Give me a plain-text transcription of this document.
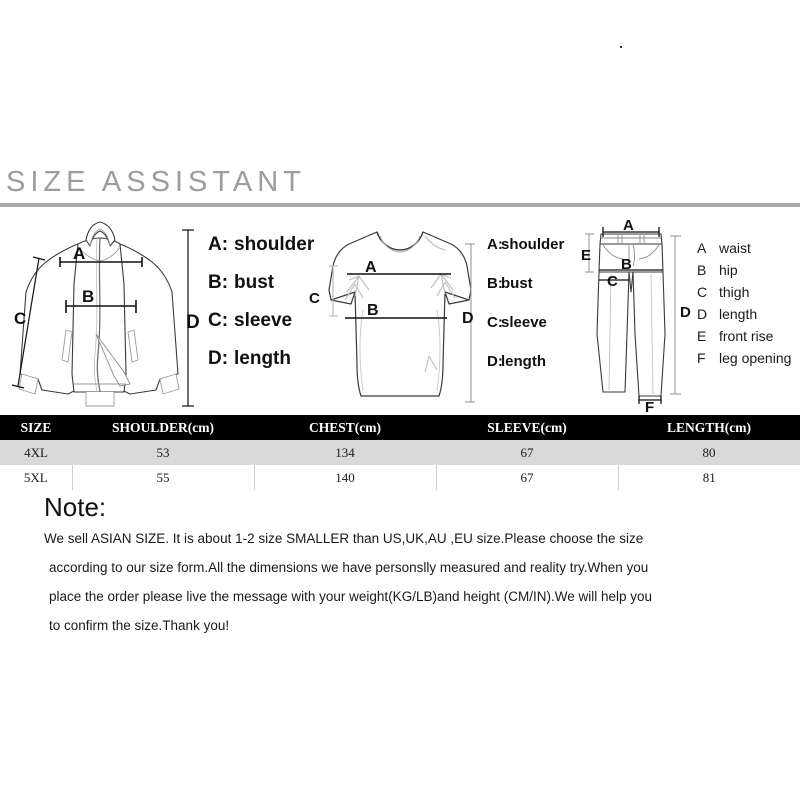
SIZE ASSISTANT
A
B
C	D
A
B
C
D
A
B
C
F
E
D
A: shoulder
B: bust
C: sleeve
D: length
A:
shoulder
B:
bust
C:
sleeve
D:
length
A waist
B hip
C thigh
D length
E front rise
F leg opening
SIZE	SHOULDER(cm)	CHEST(cm)	SLEEVE(cm)	LENGTH(cm)
4XL	53	134	67	80
5XL	55	140	67	81
Note:
We sell ASIAN SIZE. It is about 1-2 size SMALLER than US,UK,AU ,EU size.Please choose the size
according to our size form.All the dimensions we have personslly measured and reality try.When you
place the order please live the message with your weight(KG/LB)and height (CM/IN).We will help you
to confirm the size.Thank you!
